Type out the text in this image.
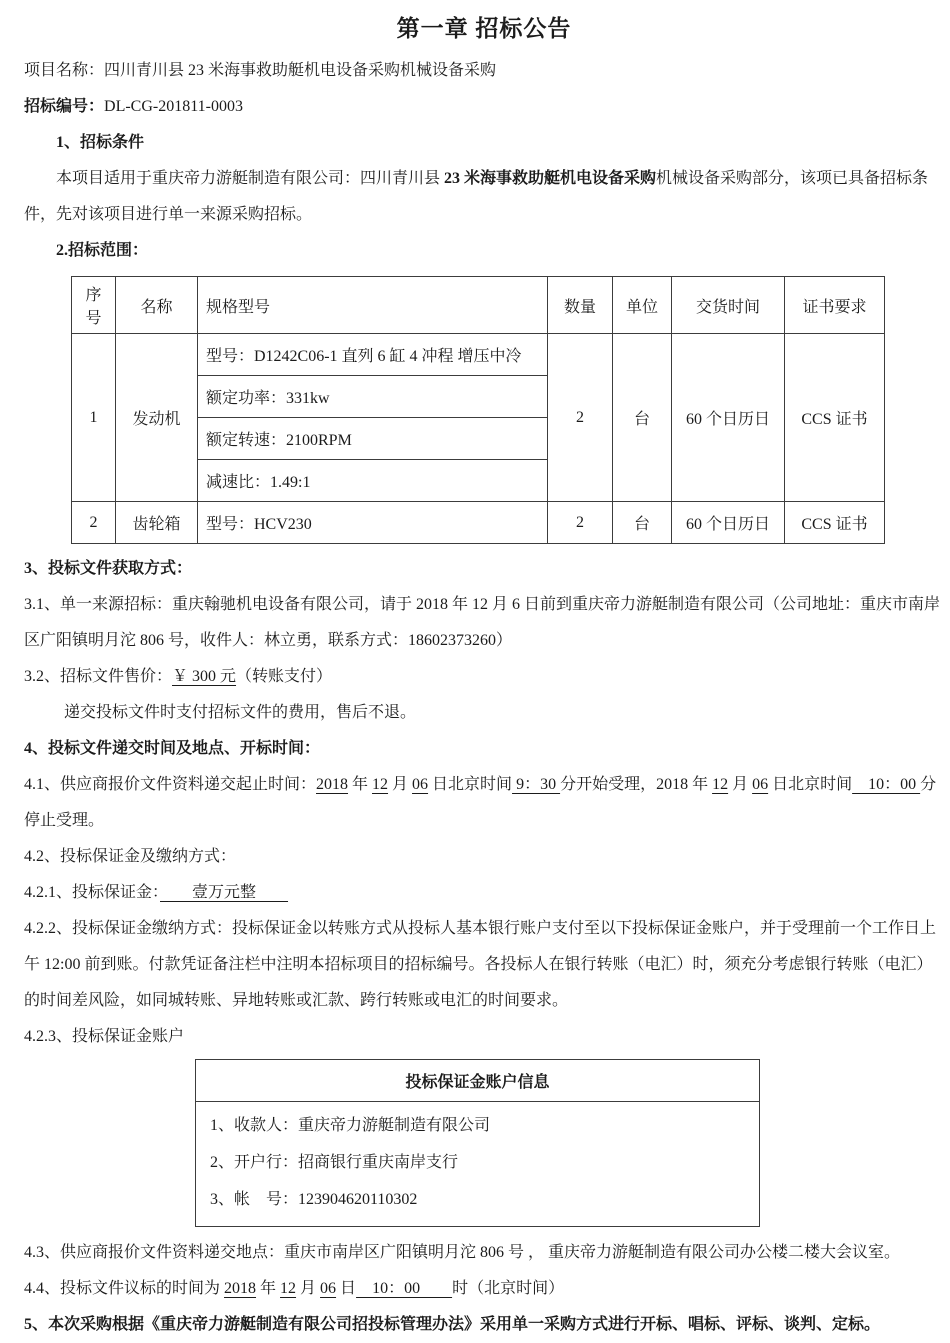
第一章 招标公告

项目名称：四川青川县 23 米海事救助艇机电设备采购机械设备采购

招标编号：DL-CG-201811-0003

1、招标条件

本项目适用于重庆帝力游艇制造有限公司：四川青川县 23 米海事救助艇机电设备采购机械设备采购部分，该项已具备招标条件，先对该项目进行单一来源采购招标。

2.招标范围：

序号	名称	规格型号	数量	单位	交货时间	证书要求
1	发动机	型号：D1242C06-1 直列 6 缸 4 冲程 增压中冷	2	台	60 个日历日	CCS 证书
		额定功率：331kw				
		额定转速：2100RPM				
		减速比：1.49:1				
2	齿轮箱	型号：HCV230	2	台	60 个日历日	CCS 证书

3、投标文件获取方式：

3.1、单一来源招标：重庆翰驰机电设备有限公司，请于 2018 年 12 月 6 日前到重庆帝力游艇制造有限公司（公司地址：重庆市南岸区广阳镇明月沱 806 号，收件人：林立勇，联系方式：18602373260）

3.2、招标文件售价：￥ 300 元（转账支付）

递交投标文件时支付招标文件的费用，售后不退。

4、投标文件递交时间及地点、开标时间：

4.1、供应商报价文件资料递交起止时间：2018 年 12 月 06 日北京时间 9：30 分开始受理，2018 年 12 月 06 日北京时间　10：00 分停止受理。

4.2、投标保证金及缴纳方式：

4.2.1、投标保证金：　　壹万元整　　

4.2.2、投标保证金缴纳方式：投标保证金以转账方式从投标人基本银行账户支付至以下投标保证金账户，并于受理前一个工作日上午 12:00 前到账。付款凭证备注栏中注明本招标项目的招标编号。各投标人在银行转账（电汇）时，须充分考虑银行转账（电汇）的时间差风险，如同城转账、异地转账或汇款、跨行转账或电汇的时间要求。

4.2.3、投标保证金账户

投标保证金账户信息

1、收款人：重庆帝力游艇制造有限公司

2、开户行：招商银行重庆南岸支行

3、帐　号：123904620110302

4.3、供应商报价文件资料递交地点：重庆市南岸区广阳镇明月沱 806 号 ， 重庆帝力游艇制造有限公司办公楼二楼大会议室。

4.4、投标文件议标的时间为 2018 年 12 月 06 日　10：00　　时（北京时间）

5、本次采购根据《重庆帝力游艇制造有限公司招投标管理办法》采用单一采购方式进行开标、唱标、评标、谈判、定标。
